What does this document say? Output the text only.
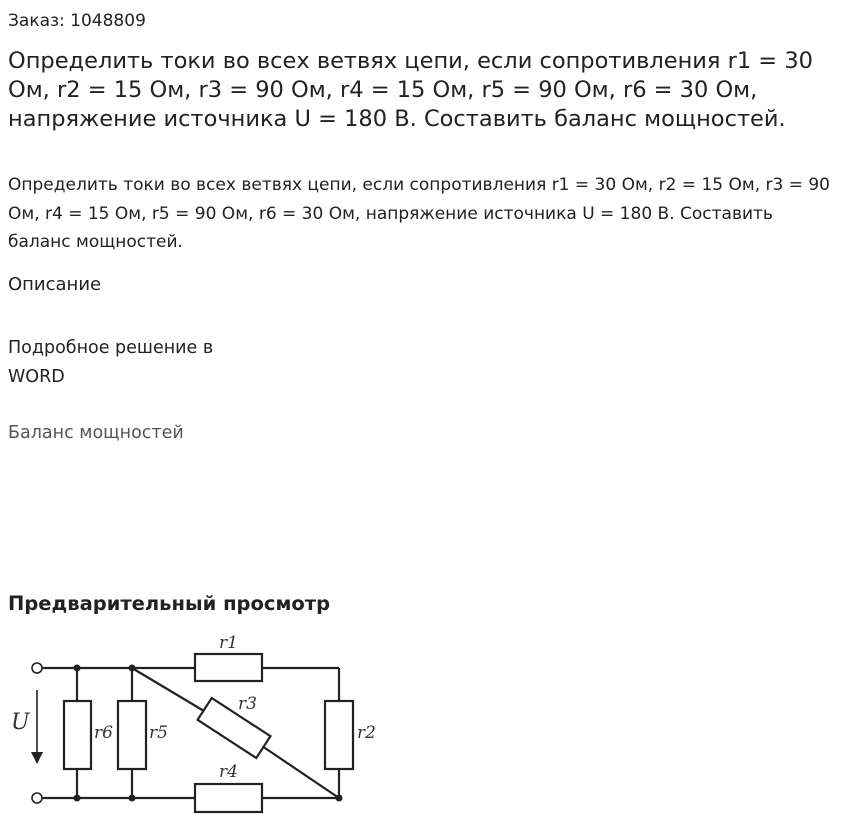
Заказ: 1048809
Определить токи во всех ветвях цепи, если сопротивления r1 = 30 Ом, r2 = 15 Ом, r3 = 90 Ом, r4 = 15 Ом, r5 = 90 Ом, r6 = 30 Ом, напряжение источника U = 180 В. Составить баланс мощностей.

Определить токи во всех ветвях цепи, если сопротивления r1 = 30 Ом, r2 = 15 Ом, r3 = 90 Ом, r4 = 15 Ом, r5 = 90 Ом, r6 = 30 Ом, напряжение источника U = 180 В. Составить баланс мощностей.

Описание
Подробное решение в WORD
Баланс мощностей
Предварительный просмотр
U
r1
r3
r4
r6 r5	r2
